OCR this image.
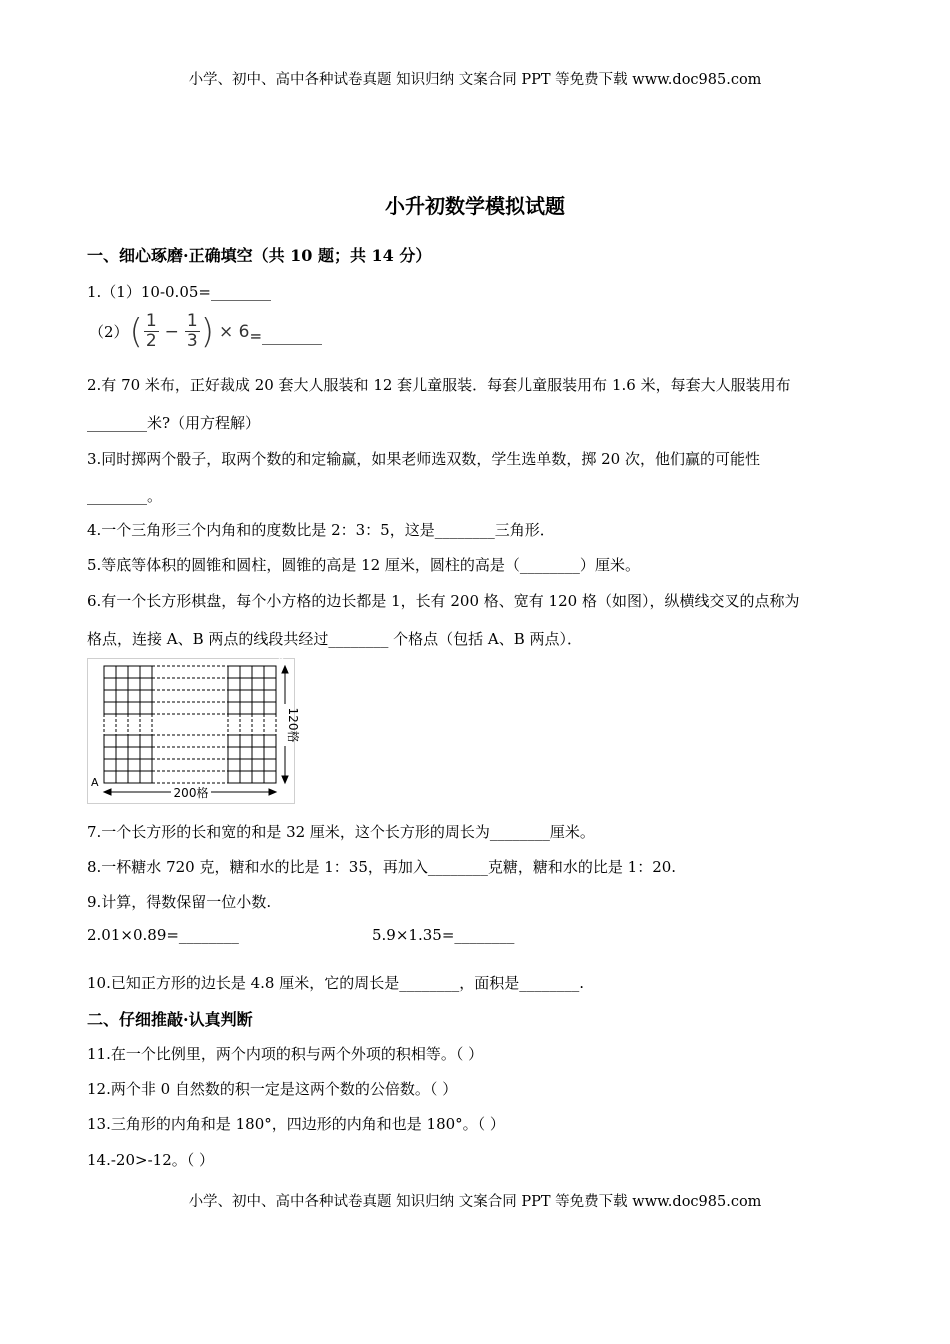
小学、初中、高中各种试卷真题 知识归纳 文案合同 PPT 等免费下载 www.doc985.com
小升初数学模拟试题
一、细心琢磨·正确填空（共 10 题；共 14 分）
1.（1）10-0.05=________
（2） ( $\frac{1}{2} - \frac{1}{3}$ ) × 6 =________
2.有 70 米布，正好裁成 20 套大人服装和 12 套儿童服装．每套儿童服装用布 1.6 米，每套大人服装用布
________米?（用方程解）
3.同时掷两个骰子，取两个数的和定输赢，如果老师选双数，学生选单数，掷 20 次，他们赢的可能性
________。
4.一个三角形三个内角和的度数比是 2：3：5，这是________三角形．
5.等底等体积的圆锥和圆柱，圆锥的高是 12 厘米，圆柱的高是（________）厘米。
6.有一个长方形棋盘，每个小方格的边长都是 1，长有 200 格、宽有 120 格（如图），纵横线交叉的点称为
格点，连接 A、B 两点的线段共经过________ 个格点（包括 A、B 两点）．
200格
120格
A
B
7.一个长方形的长和宽的和是 32 厘米，这个长方形的周长为________厘米。
8.一杯糖水 720 克，糖和水的比是 1：35，再加入________克糖，糖和水的比是 1：20.
9.计算，得数保留一位小数.
2.01×0.89=________	5.9×1.35=________
10.已知正方形的边长是 4.8 厘米，它的周长是________，面积是________.
二、仔细推敲·认真判断
11.在一个比例里，两个内项的积与两个外项的积相等。（ ）
12.两个非 0 自然数的积一定是这两个数的公倍数。（ ）
13.三角形的内角和是 180°，四边形的内角和也是 180°。（ ）
14.-20>-12。（ ）
小学、初中、高中各种试卷真题 知识归纳 文案合同 PPT 等免费下载 www.doc985.com
